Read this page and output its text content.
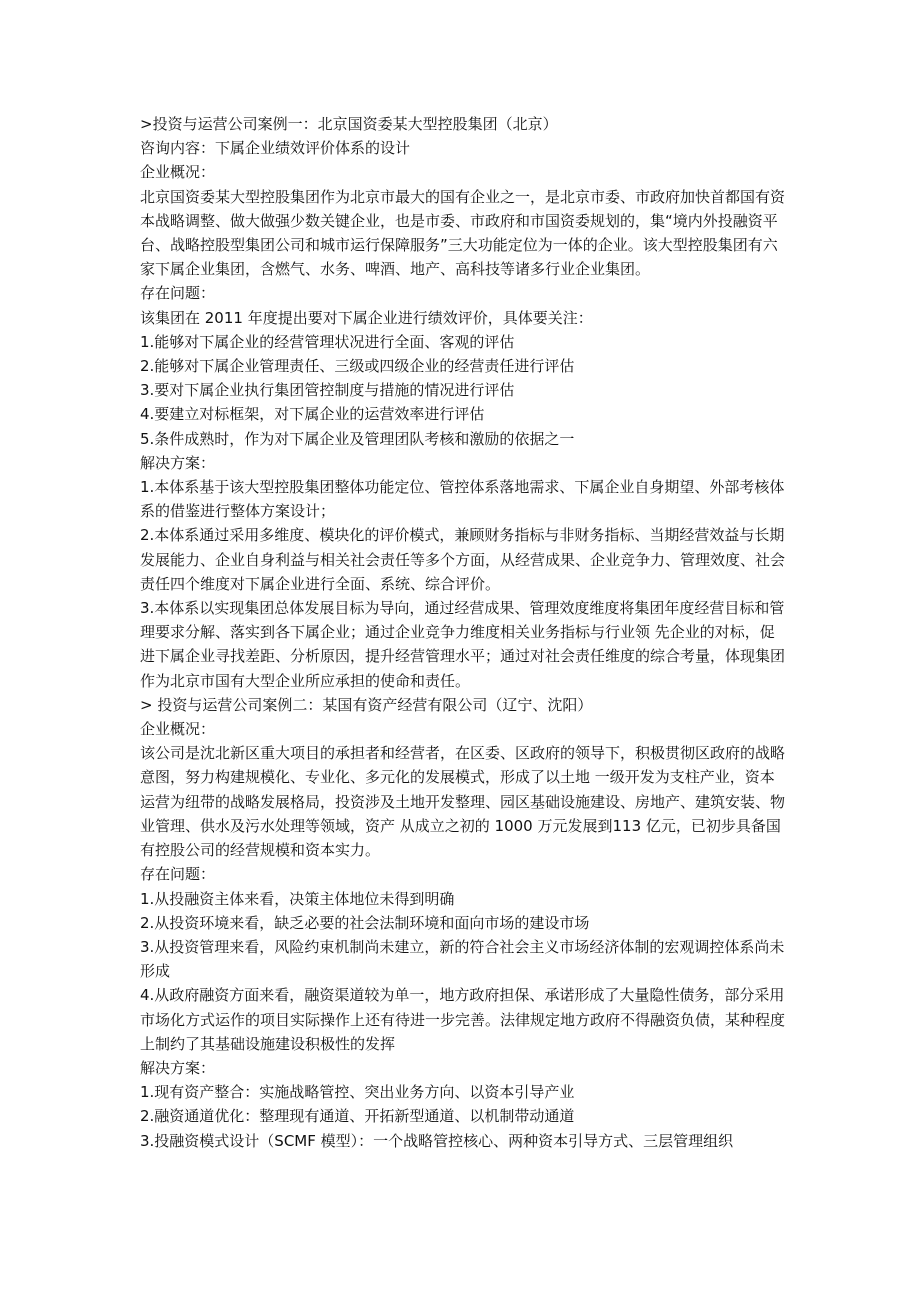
>投资与运营公司案例一：北京国资委某大型控股集团（北京）

咨询内容：下属企业绩效评价体系的设计

企业概况：

北京国资委某大型控股集团作为北京市最大的国有企业之一，是北京市委、市政府加快首都国有资本战略调整、做大做强少数关键企业，也是市委、市政府和市国资委规划的，集“境内外投融资平台、战略控股型集团公司和城市运行保障服务”三大功能定位为一体的企业。该大型控股集团有六家下属企业集团，含燃气、水务、啤酒、地产、高科技等诸多行业企业集团。

存在问题：

该集团在 2011 年度提出要对下属企业进行绩效评价，具体要关注：

1.能够对下属企业的经营管理状况进行全面、客观的评估

2.能够对下属企业管理责任、三级或四级企业的经营责任进行评估

3.要对下属企业执行集团管控制度与措施的情况进行评估

4.要建立对标框架，对下属企业的运营效率进行评估

5.条件成熟时，作为对下属企业及管理团队考核和激励的依据之一

解决方案：

1.本体系基于该大型控股集团整体功能定位、管控体系落地需求、下属企业自身期望、外部考核体系的借鉴进行整体方案设计；

2.本体系通过采用多维度、模块化的评价模式，兼顾财务指标与非财务指标、当期经营效益与长期发展能力、企业自身利益与相关社会责任等多个方面，从经营成果、企业竞争力、管理效度、社会责任四个维度对下属企业进行全面、系统、综合评价。

3.本体系以实现集团总体发展目标为导向，通过经营成果、管理效度维度将集团年度经营目标和管理要求分解、落实到各下属企业；通过企业竞争力维度相关业务指标与行业领 先企业的对标，促进下属企业寻找差距、分析原因，提升经营管理水平；通过对社会责任维度的综合考量，体现集团作为北京市国有大型企业所应承担的使命和责任。

> 投资与运营公司案例二：某国有资产经营有限公司（辽宁、沈阳）

企业概况：

该公司是沈北新区重大项目的承担者和经营者，在区委、区政府的领导下，积极贯彻区政府的战略意图，努力构建规模化、专业化、多元化的发展模式，形成了以土地 一级开发为支柱产业，资本运营为纽带的战略发展格局，投资涉及土地开发整理、园区基础设施建设、房地产、建筑安装、物业管理、供水及污水处理等领域，资产 从成立之初的 1000 万元发展到113 亿元，已初步具备国有控股公司的经营规模和资本实力。

存在问题：

1.从投融资主体来看，决策主体地位未得到明确

2.从投资环境来看，缺乏必要的社会法制环境和面向市场的建设市场

3.从投资管理来看，风险约束机制尚未建立，新的符合社会主义市场经济体制的宏观调控体系尚未形成

4.从政府融资方面来看，融资渠道较为单一，地方政府担保、承诺形成了大量隐性债务，部分采用市场化方式运作的项目实际操作上还有待进一步完善。法律规定地方政府不得融资负债，某种程度上制约了其基础设施建设积极性的发挥

解决方案：

1.现有资产整合：实施战略管控、突出业务方向、以资本引导产业

2.融资通道优化：整理现有通道、开拓新型通道、以机制带动通道

3.投融资模式设计（SCMF 模型）：一个战略管控核心、两种资本引导方式、三层管理组织
